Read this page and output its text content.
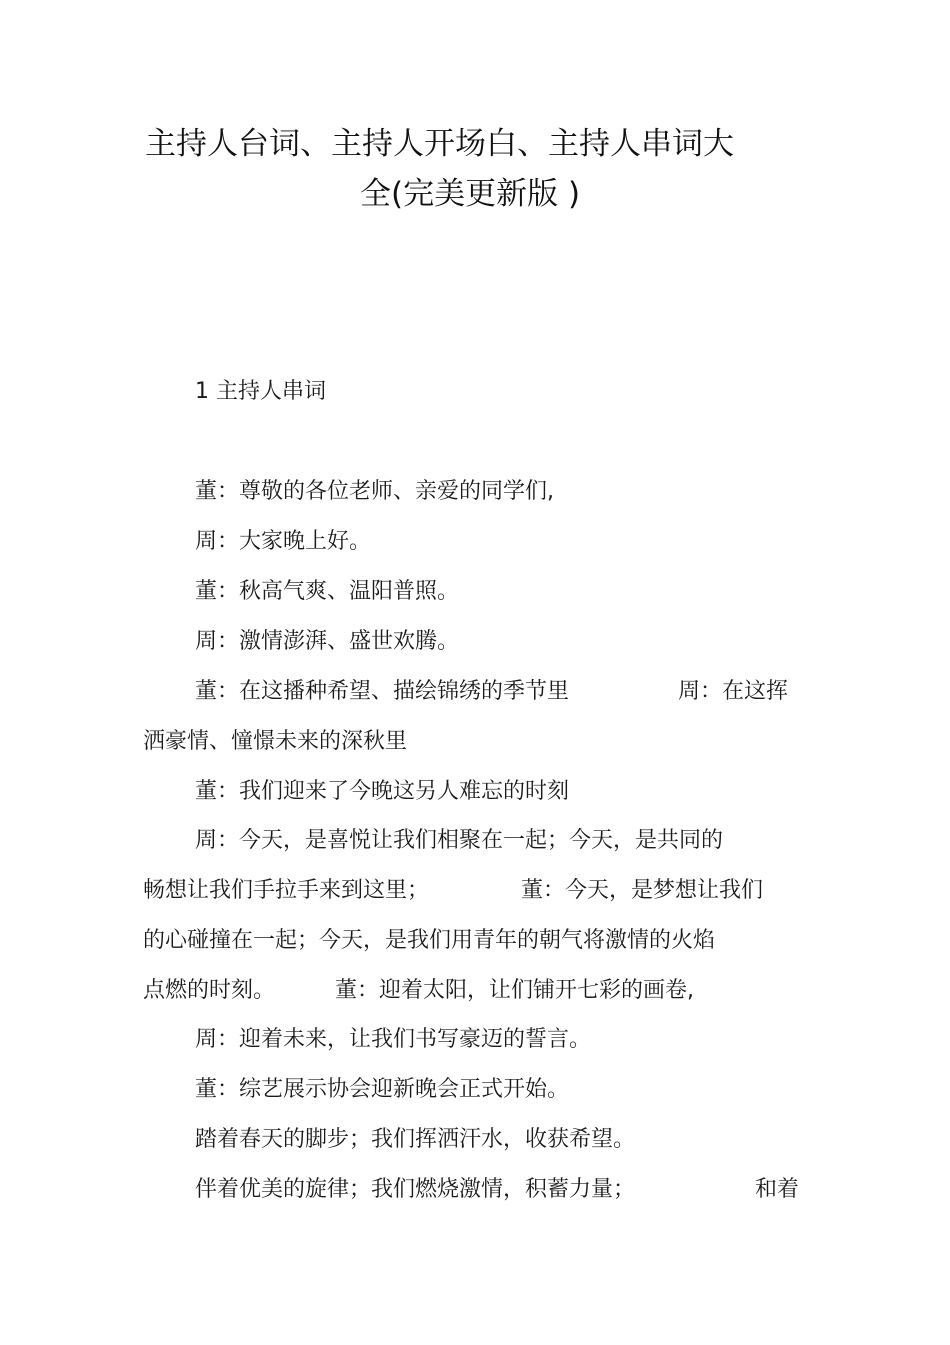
主持人台词、主持人开场白、主持人串词大
全(完美更新版 )
1 主持人串词
董：尊敬的各位老师、亲爱的同学们,
周：大家晚上好。
董：秋高气爽、温阳普照。
周：激情澎湃、盛世欢腾。
董：在这播种希望、描绘锦绣的季节里	周：在这挥
洒豪情、憧憬未来的深秋里
董：我们迎来了今晚这另人难忘的时刻
周：今天，是喜悦让我们相聚在一起；今天，是共同的
畅想让我们手拉手来到这里；	董：今天，是梦想让我们
的心碰撞在一起；今天，是我们用青年的朝气将激情的火焰
点燃的时刻。	董：迎着太阳，让们铺开七彩的画卷,
周：迎着未来，让我们书写豪迈的誓言。
董：综艺展示协会迎新晚会正式开始。
踏着春天的脚步；我们挥洒汗水，收获希望。
伴着优美的旋律；我们燃烧激情，积蓄力量；	和着
